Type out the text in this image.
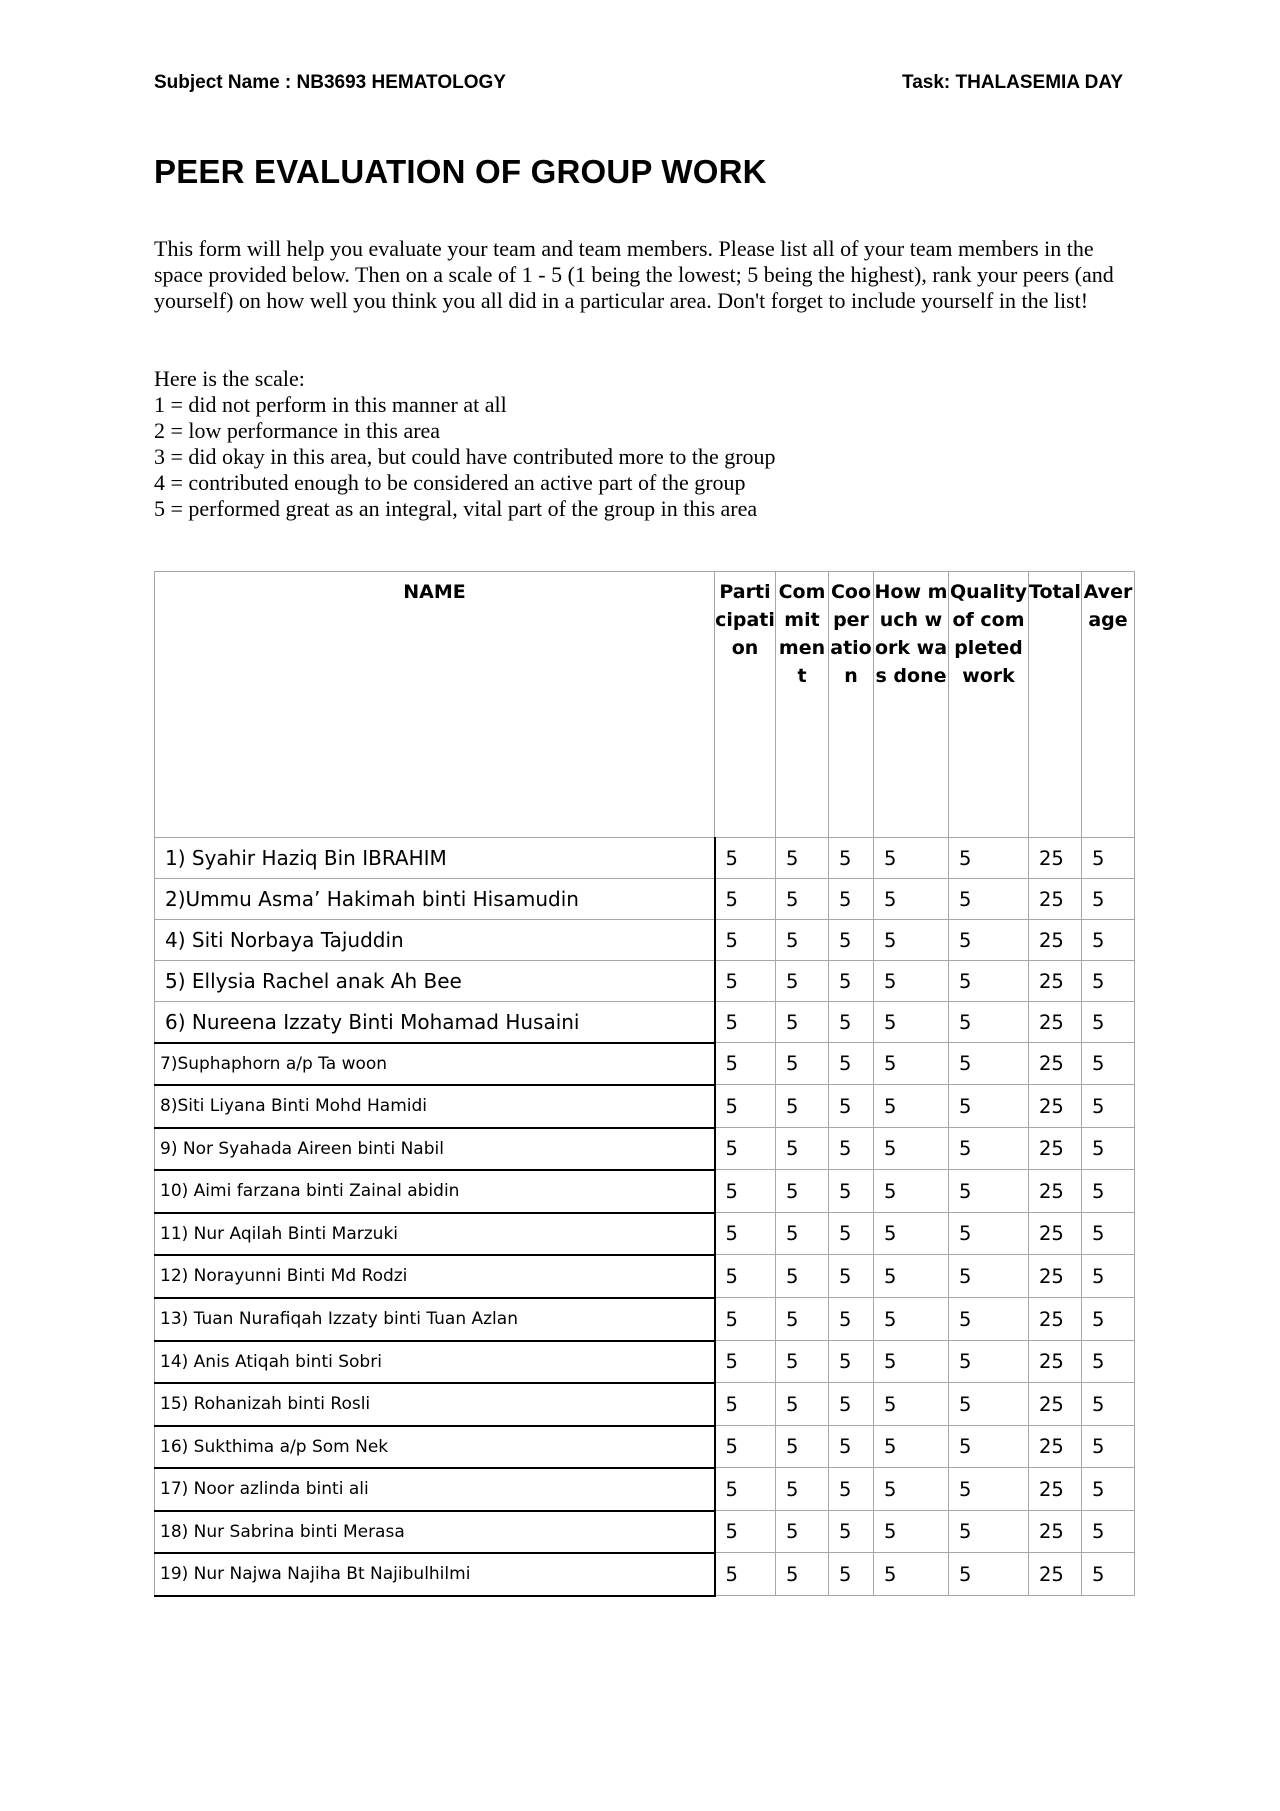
Subject Name : NB3693 HEMATOLOGY	Task: THALASEMIA DAY
PEER EVALUATION OF GROUP WORK

This form will help you evaluate your team and team members. Please list all of your team members in the space provided below. Then on a scale of 1 - 5 (1 being the lowest; 5 being the highest), rank your peers (and yourself) on how well you think you all did in a particular area. Don't forget to include yourself in the list!

Here is the scale:
1 = did not perform in this manner at all
2 = low performance in this area
3 = did okay in this area, but could have contributed more to the group
4 = contributed enough to be considered an active part of the group
5 = performed great as an integral, vital part of the group in this area
NAME	Participation	Commitment	Cooperation	How much work was done	Quality of completed work	Total	Average
1) Syahir Haziq Bin IBRAHIM	5	5	5	5	5	25	5
2)Ummu Asma’ Hakimah binti Hisamudin	5	5	5	5	5	25	5
4) Siti Norbaya Tajuddin	5	5	5	5	5	25	5
5) Ellysia Rachel anak Ah Bee	5	5	5	5	5	25	5
6) Nureena Izzaty Binti Mohamad Husaini	5	5	5	5	5	25	5
7)Suphaphorn a/p Ta woon	5	5	5	5	5	25	5
8)Siti Liyana Binti Mohd Hamidi	5	5	5	5	5	25	5
9) Nor Syahada Aireen binti Nabil	5	5	5	5	5	25	5
10) Aimi farzana binti Zainal abidin	5	5	5	5	5	25	5
11) Nur Aqilah Binti Marzuki	5	5	5	5	5	25	5
12) Norayunni Binti Md Rodzi	5	5	5	5	5	25	5
13) Tuan Nurafiqah Izzaty binti Tuan Azlan	5	5	5	5	5	25	5
14) Anis Atiqah binti Sobri	5	5	5	5	5	25	5
15) Rohanizah binti Rosli	5	5	5	5	5	25	5
16) Sukthima a/p Som Nek	5	5	5	5	5	25	5
17) Noor azlinda binti ali	5	5	5	5	5	25	5
18) Nur Sabrina binti Merasa	5	5	5	5	5	25	5
19) Nur Najwa Najiha Bt Najibulhilmi	5	5	5	5	5	25	5
